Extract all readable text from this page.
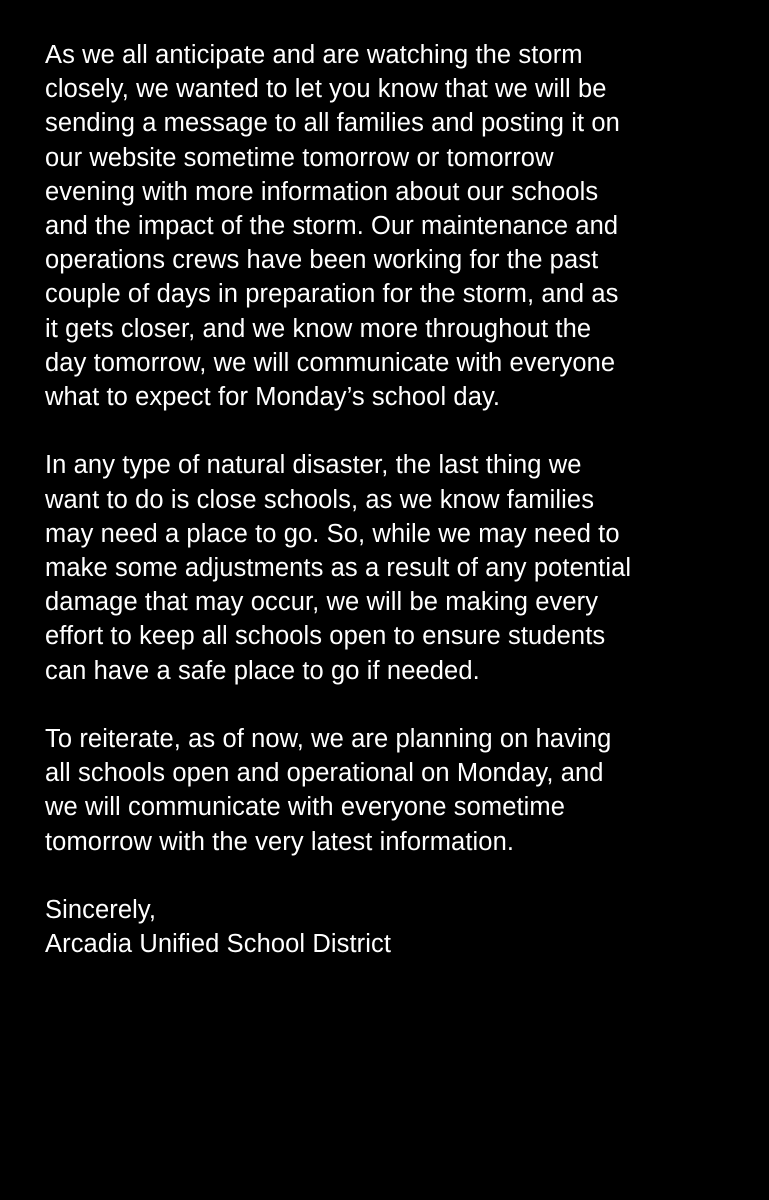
As we all anticipate and are watching the storm
closely, we wanted to let you know that we will be
sending a message to all families and posting it on
our website sometime tomorrow or tomorrow
evening with more information about our schools
and the impact of the storm. Our maintenance and
operations crews have been working for the past
couple of days in preparation for the storm, and as
it gets closer, and we know more throughout the
day tomorrow, we will communicate with everyone
what to expect for Monday’s school day.

In any type of natural disaster, the last thing we
want to do is close schools, as we know families
may need a place to go. So, while we may need to
make some adjustments as a result of any potential
damage that may occur, we will be making every
effort to keep all schools open to ensure students
can have a safe place to go if needed.

To reiterate, as of now, we are planning on having
all schools open and operational on Monday, and
we will communicate with everyone sometime
tomorrow with the very latest information.

Sincerely,
Arcadia Unified School District
